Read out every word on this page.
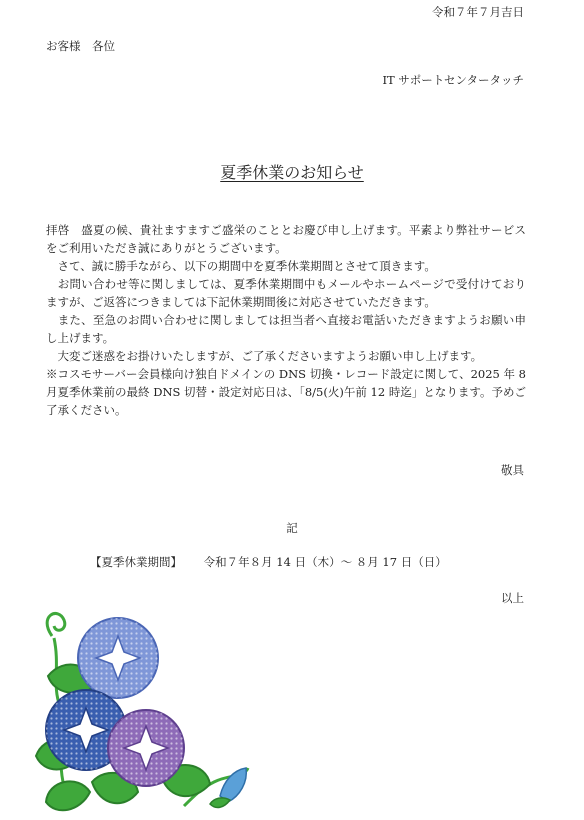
令和７年７月吉日
お客様　各位
IT サポートセンタータッチ
夏季休業のお知らせ

拝啓　盛夏の候、貴社ますますご盛栄のこととお慶び申し上げます。平素より弊社サービスをご利用いただき誠にありがとうございます。

　さて、誠に勝手ながら、以下の期間中を夏季休業期間とさせて頂きます。

　お問い合わせ等に関しましては、夏季休業期間中もメールやホームページで受付けておりますが、ご返答につきましては下記休業期間後に対応させていただきます。

　また、至急のお問い合わせに関しましては担当者へ直接お電話いただきますようお願い申し上げます。

　大変ご迷惑をお掛けいたしますが、ご了承くださいますようお願い申し上げます。

※コスモサーバー会員様向け独自ドメインの DNS 切換・レコード設定に関して、2025 年 8 月夏季休業前の最終 DNS 切替・設定対応日は、「8/5(火)午前 12 時迄」となります。予めご了承ください。

敬具
記
【夏季休業期間】 令和７年８月 14 日（木）～ ８月 17 日（日）
以上
